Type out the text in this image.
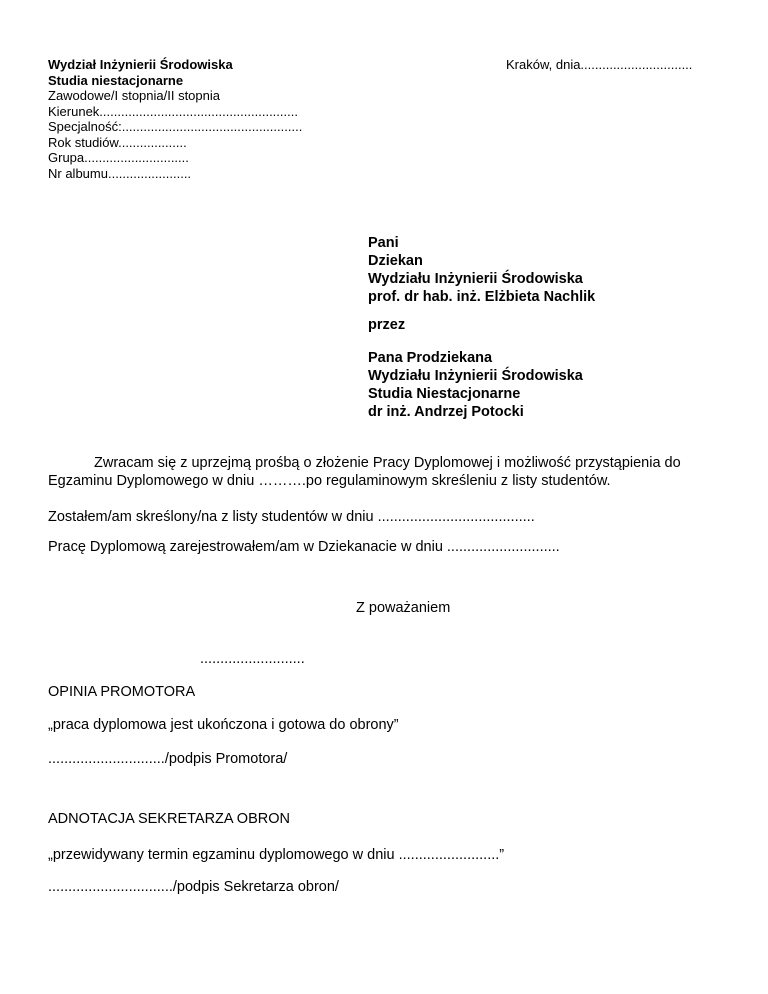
Wydział Inżynierii Środowiska
Studia niestacjonarne
Zawodowe/I stopnia/II stopnia
Kierunek.......................................................
Specjalność:..................................................
Rok studiów...................
Grupa.............................
Nr albumu.......................
Kraków, dnia...............................
Pani
Dziekan
Wydziału Inżynierii Środowiska
prof. dr hab. inż. Elżbieta Nachlik
przez
Pana Prodziekana
Wydziału Inżynierii Środowiska
Studia Niestacjonarne
dr inż. Andrzej Potocki
Zwracam się z uprzejmą prośbą o złożenie Pracy Dyplomowej i możliwość przystąpienia do
Egzaminu Dyplomowego w dniu ……….po regulaminowym skreśleniu z listy studentów.
Zostałem/am skreślony/na z listy studentów w dniu .......................................
Pracę Dyplomową zarejestrowałem/am w Dziekanacie w dniu ............................
Z poważaniem
..........................
OPINIA PROMOTORA
„praca dyplomowa jest ukończona i gotowa do obrony”
............................./podpis Promotora/
ADNOTACJA SEKRETARZA OBRON
„przewidywany termin egzaminu dyplomowego w dniu .........................”
.............................../podpis Sekretarza obron/
